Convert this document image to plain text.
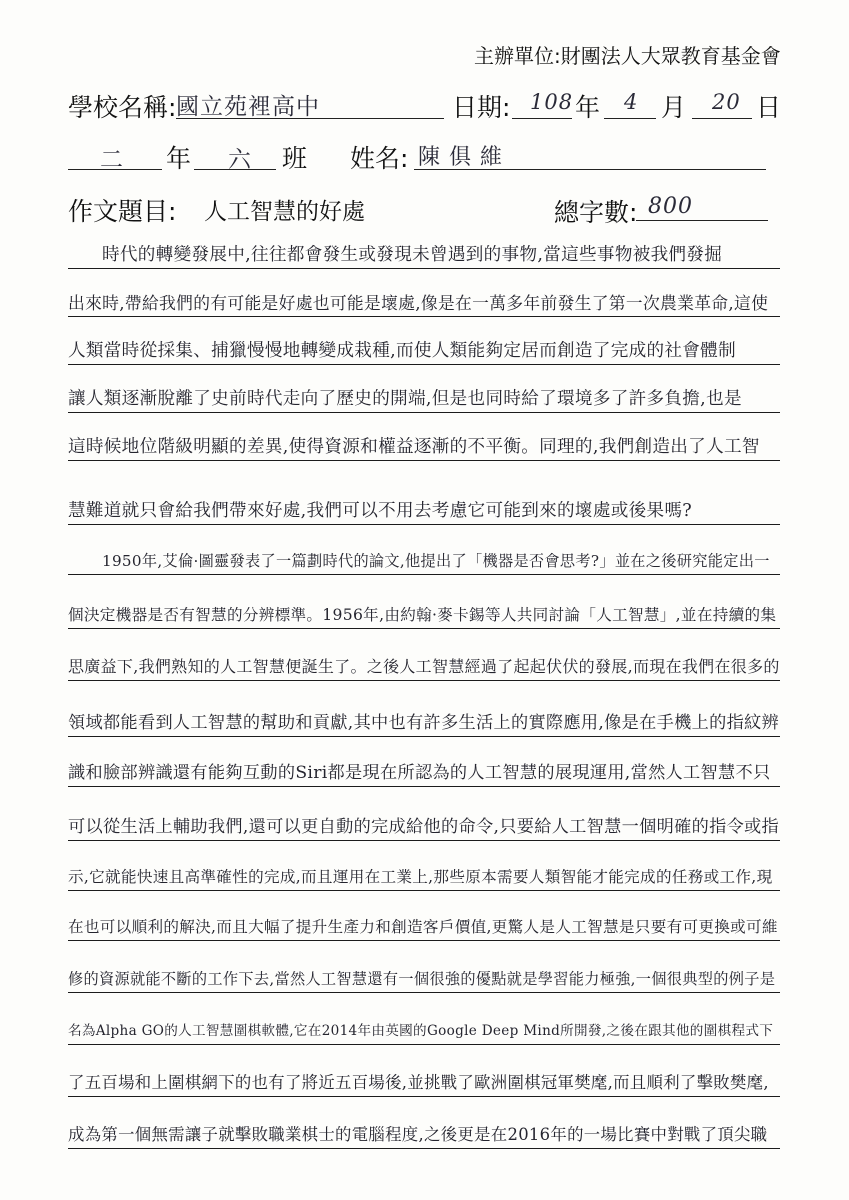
主辦單位:財團法人大眾教育基金會
學校名稱: 國立苑裡高中	日期: 108 年 4 月 20 日
二 年 六 班 姓名: 陳 俱 維
作文題目: 人工智慧的好處	總字數: 800
時代的轉變發展中,往往都會發生或發現未曾遇到的事物,當這些事物被我們發掘
出來時,帶給我們的有可能是好處也可能是壞處,像是在一萬多年前發生了第一次農業革命,這使
人類當時從採集、捕獵慢慢地轉變成栽種,而使人類能夠定居而創造了完成的社會體制
讓人類逐漸脫離了史前時代走向了歷史的開端,但是也同時給了環境多了許多負擔,也是
這時候地位階級明顯的差異,使得資源和權益逐漸的不平衡。同理的,我們創造出了人工智
慧難道就只會給我們帶來好處,我們可以不用去考慮它可能到來的壞處或後果嗎?
1950年,艾倫·圖靈發表了一篇劃時代的論文,他提出了「機器是否會思考?」並在之後研究能定出一
個決定機器是否有智慧的分辨標準。1956年,由約翰·麥卡錫等人共同討論「人工智慧」,並在持續的集
思廣益下,我們熟知的人工智慧便誕生了。之後人工智慧經過了起起伏伏的發展,而現在我們在很多的
領域都能看到人工智慧的幫助和貢獻,其中也有許多生活上的實際應用,像是在手機上的指紋辨
識和臉部辨識還有能夠互動的Siri都是現在所認為的人工智慧的展現運用,當然人工智慧不只
可以從生活上輔助我們,還可以更自動的完成給他的命令,只要給人工智慧一個明確的指令或指
示,它就能快速且高準確性的完成,而且運用在工業上,那些原本需要人類智能才能完成的任務或工作,現
在也可以順利的解決,而且大幅了提升生產力和創造客戶價值,更驚人是人工智慧是只要有可更換或可維
修的資源就能不斷的工作下去,當然人工智慧還有一個很強的優點就是學習能力極強,一個很典型的例子是
名為Alpha GO的人工智慧圍棋軟體,它在2014年由英國的Google Deep Mind所開發,之後在跟其他的圍棋程式下
了五百場和上圍棋網下的也有了將近五百場後,並挑戰了歐洲圍棋冠軍樊麾,而且順利了擊敗樊麾,
成為第一個無需讓子就擊敗職業棋士的電腦程度,之後更是在2016年的一場比賽中對戰了頂尖職
